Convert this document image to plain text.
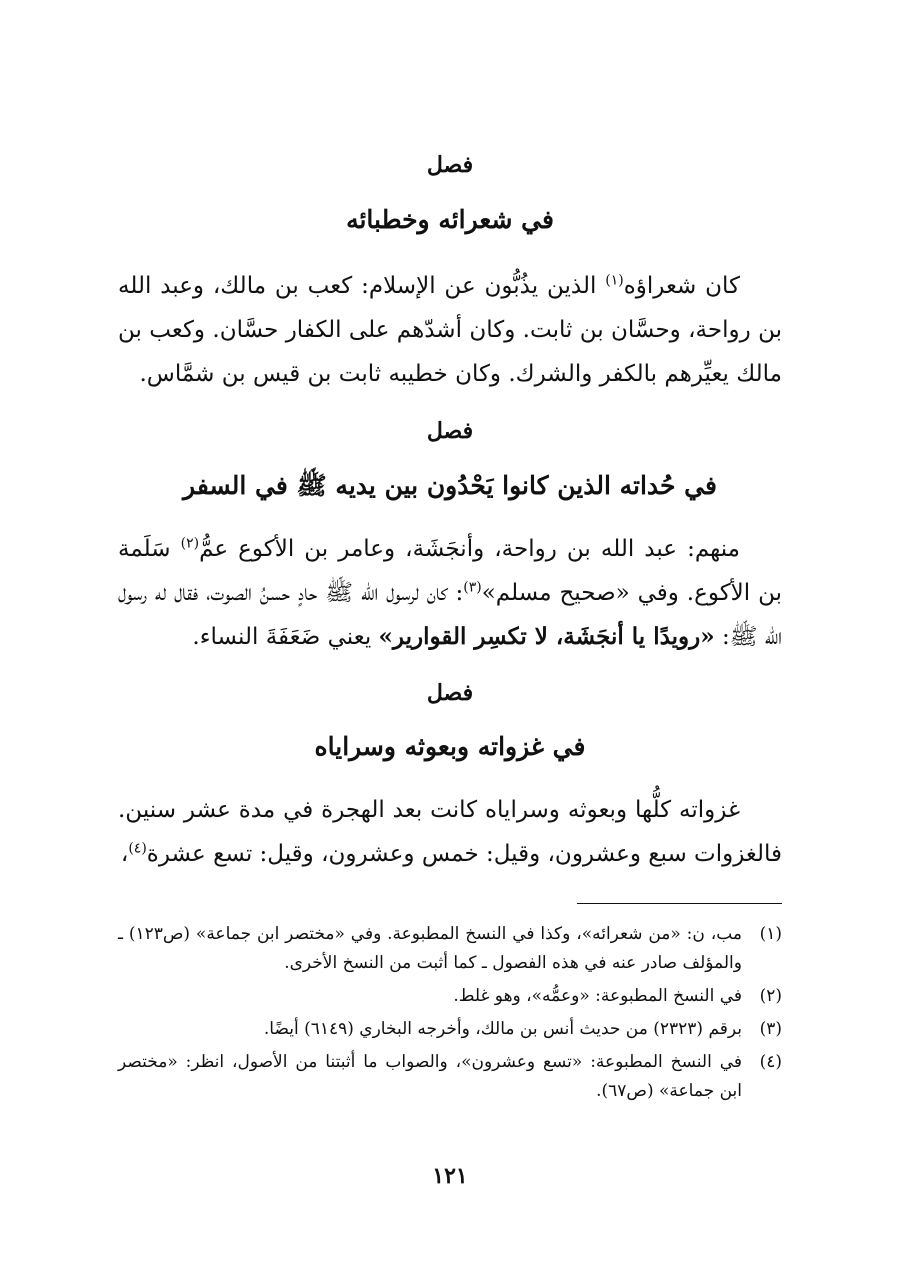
فصل
في شعرائه وخطبائه

كان شعراؤه$^{(١)}$ الذين يذُبُّون عن الإسلام: كعب بن مالك، وعبد الله بن رواحة، وحسَّان بن ثابت. وكان أشدّهم على الكفار حسَّان. وكعب بن مالك يعيِّرهم بالكفر والشرك. وكان خطيبه ثابت بن قيس بن شمَّاس.

فصل
في حُداته الذين كانوا يَحْدُون بين يديه ﷺ في السفر

منهم: عبد الله بن رواحة، وأنجَشَة، وعامر بن الأكوع عمُّ$^{(٢)}$ سَلَمة بن الأكوع. وفي «صحيح مسلم»$^{(٣)}$: كان لرسول الله ﷺ حادٍ حسنُ الصوت، فقال له رسول الله ﷺ: «رويدًا يا أنجَشَة، لا تكسِر القوارير» يعني ضَعَفَةَ النساء.

فصل
في غزواته وبعوثه وسراياه

غزواته كلُّها وبعوثه وسراياه كانت بعد الهجرة في مدة عشر سنين. فالغزوات سبع وعشرون، وقيل: خمس وعشرون، وقيل: تسع عشرة$^{(٤)}$،

(١)
مب، ن: «من شعرائه»، وكذا في النسخ المطبوعة. وفي «مختصر ابن جماعة» (ص١٢٣) ـ والمؤلف صادر عنه في هذه الفصول ـ كما أثبت من النسخ الأخرى.
(٢)
في النسخ المطبوعة: «وعمُّه»، وهو غلط.
(٣)
برقم (٢٣٢٣) من حديث أنس بن مالك، وأخرجه البخاري (٦١٤٩) أيضًا.
(٤)
في النسخ المطبوعة: «تسع وعشرون»، والصواب ما أثبتنا من الأصول، انظر: «مختصر ابن جماعة» (ص٦٧).
١٢١
